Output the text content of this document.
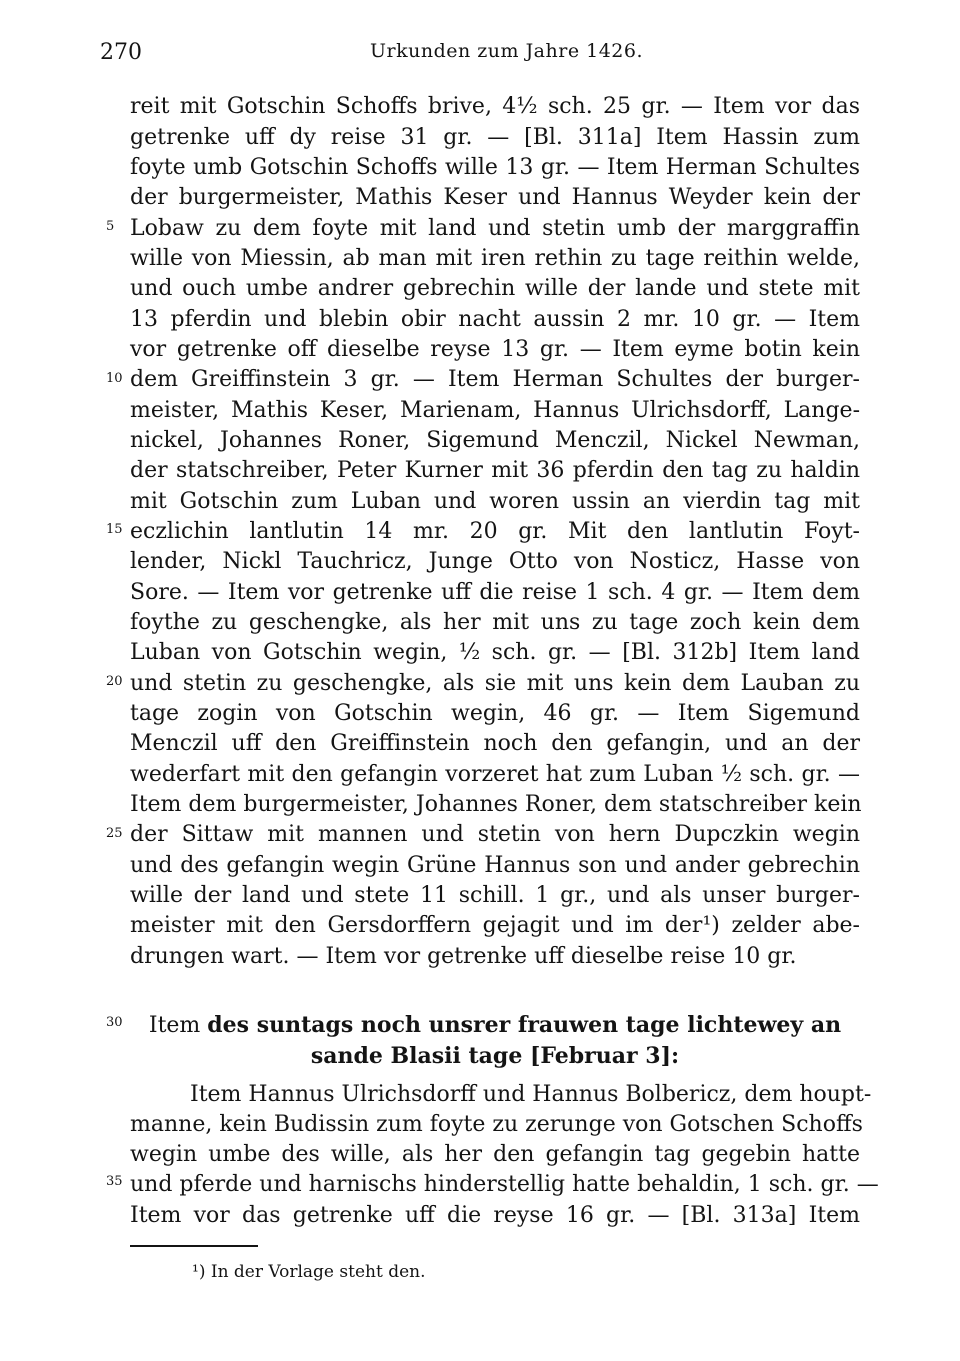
270	Urkunden zum Jahre 1426.
5
10
15
20
25
30
35
reit mit Gotschin Schoffs brive, 4½ sch. 25 gr. — Item vor das
getrenke uff dy reise 31 gr. — [Bl. 311a] Item Hassin zum
foyte umb Gotschin Schoffs wille 13 gr. — Item Herman Schultes
der burgermeister, Mathis Keser und Hannus Weyder kein der
Lobaw zu dem foyte mit land und stetin umb der marggraffin
wille von Miessin, ab man mit iren rethin zu tage reithin welde,
und ouch umbe andrer gebrechin wille der lande und stete mit
13 pferdin und blebin obir nacht aussin 2 mr. 10 gr. — Item
vor getrenke off dieselbe reyse 13 gr. — Item eyme botin kein
dem Greiffinstein 3 gr. — Item Herman Schultes der burger-
meister, Mathis Keser, Marienam, Hannus Ulrichsdorff, Lange-
nickel, Johannes Roner, Sigemund Menczil, Nickel Newman,
der statschreiber, Peter Kurner mit 36 pferdin den tag zu haldin
mit Gotschin zum Luban und woren ussin an vierdin tag mit
eczlichin lantlutin 14 mr. 20 gr. Mit den lantlutin Foyt-
lender, Nickl Tauchricz, Junge Otto von Nosticz, Hasse von
Sore. — Item vor getrenke uff die reise 1 sch. 4 gr. — Item dem
foythe zu geschengke, als her mit uns zu tage zoch kein dem
Luban von Gotschin wegin, ½ sch. gr. — [Bl. 312b] Item land
und stetin zu geschengke, als sie mit uns kein dem Lauban zu
tage zogin von Gotschin wegin, 46 gr. — Item Sigemund
Menczil uff den Greiffinstein noch den gefangin, und an der
wederfart mit den gefangin vorzeret hat zum Luban ½ sch. gr. —
Item dem burgermeister, Johannes Roner, dem statschreiber kein
der Sittaw mit mannen und stetin von hern Dupczkin wegin
und des gefangin wegin Grüne Hannus son und ander gebrechin
wille der land und stete 11 schill. 1 gr., und als unser burger-
meister mit den Gersdorffern gejagit und im der¹) zelder abe-
drungen wart. — Item vor getrenke uff dieselbe reise 10 gr.
Item des suntags noch unsrer frauwen tage lichtewey an
sande Blasii tage [Februar 3]:
Item Hannus Ulrichsdorff und Hannus Bolbericz, dem houpt-
manne, kein Budissin zum foyte zu zerunge von Gotschen Schoffs
wegin umbe des wille, als her den gefangin tag gegebin hatte
und pferde und harnischs hinderstellig hatte behaldin, 1 sch. gr. —
Item vor das getrenke uff die reyse 16 gr. — [Bl. 313a] Item
¹) In der Vorlage steht den.
